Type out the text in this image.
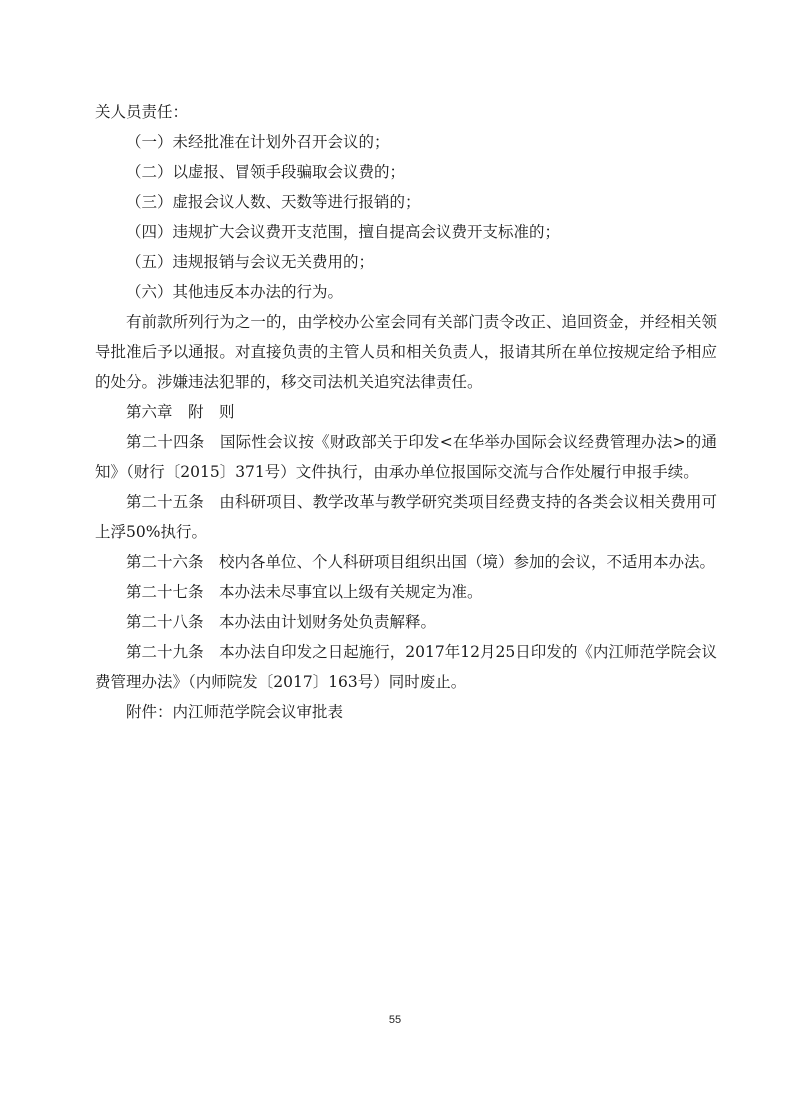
关人员责任：

（一）未经批准在计划外召开会议的；

（二）以虚报、冒领手段骗取会议费的；

（三）虚报会议人数、天数等进行报销的；

（四）违规扩大会议费开支范围，擅自提高会议费开支标准的；

（五）违规报销与会议无关费用的；

（六）其他违反本办法的行为。

有前款所列行为之一的，由学校办公室会同有关部门责令改正、追回资金，并经相关领导批准后予以通报。对直接负责的主管人员和相关负责人，报请其所在单位按规定给予相应的处分。涉嫌违法犯罪的，移交司法机关追究法律责任。

第六章　附　则

第二十四条 国际性会议按《财政部关于印发<在华举办国际会议经费管理办法>的通知》（财行〔2015〕371号）文件执行，由承办单位报国际交流与合作处履行申报手续。

第二十五条 由科研项目、教学改革与教学研究类项目经费支持的各类会议相关费用可上浮50%执行。

第二十六条 校内各单位、个人科研项目组织出国（境）参加的会议，不适用本办法。

第二十七条 本办法未尽事宜以上级有关规定为准。

第二十八条 本办法由计划财务处负责解释。

第二十九条 本办法自印发之日起施行，2017年12月25日印发的《内江师范学院会议费管理办法》（内师院发〔2017〕163号）同时废止。

附件：内江师范学院会议审批表

55
